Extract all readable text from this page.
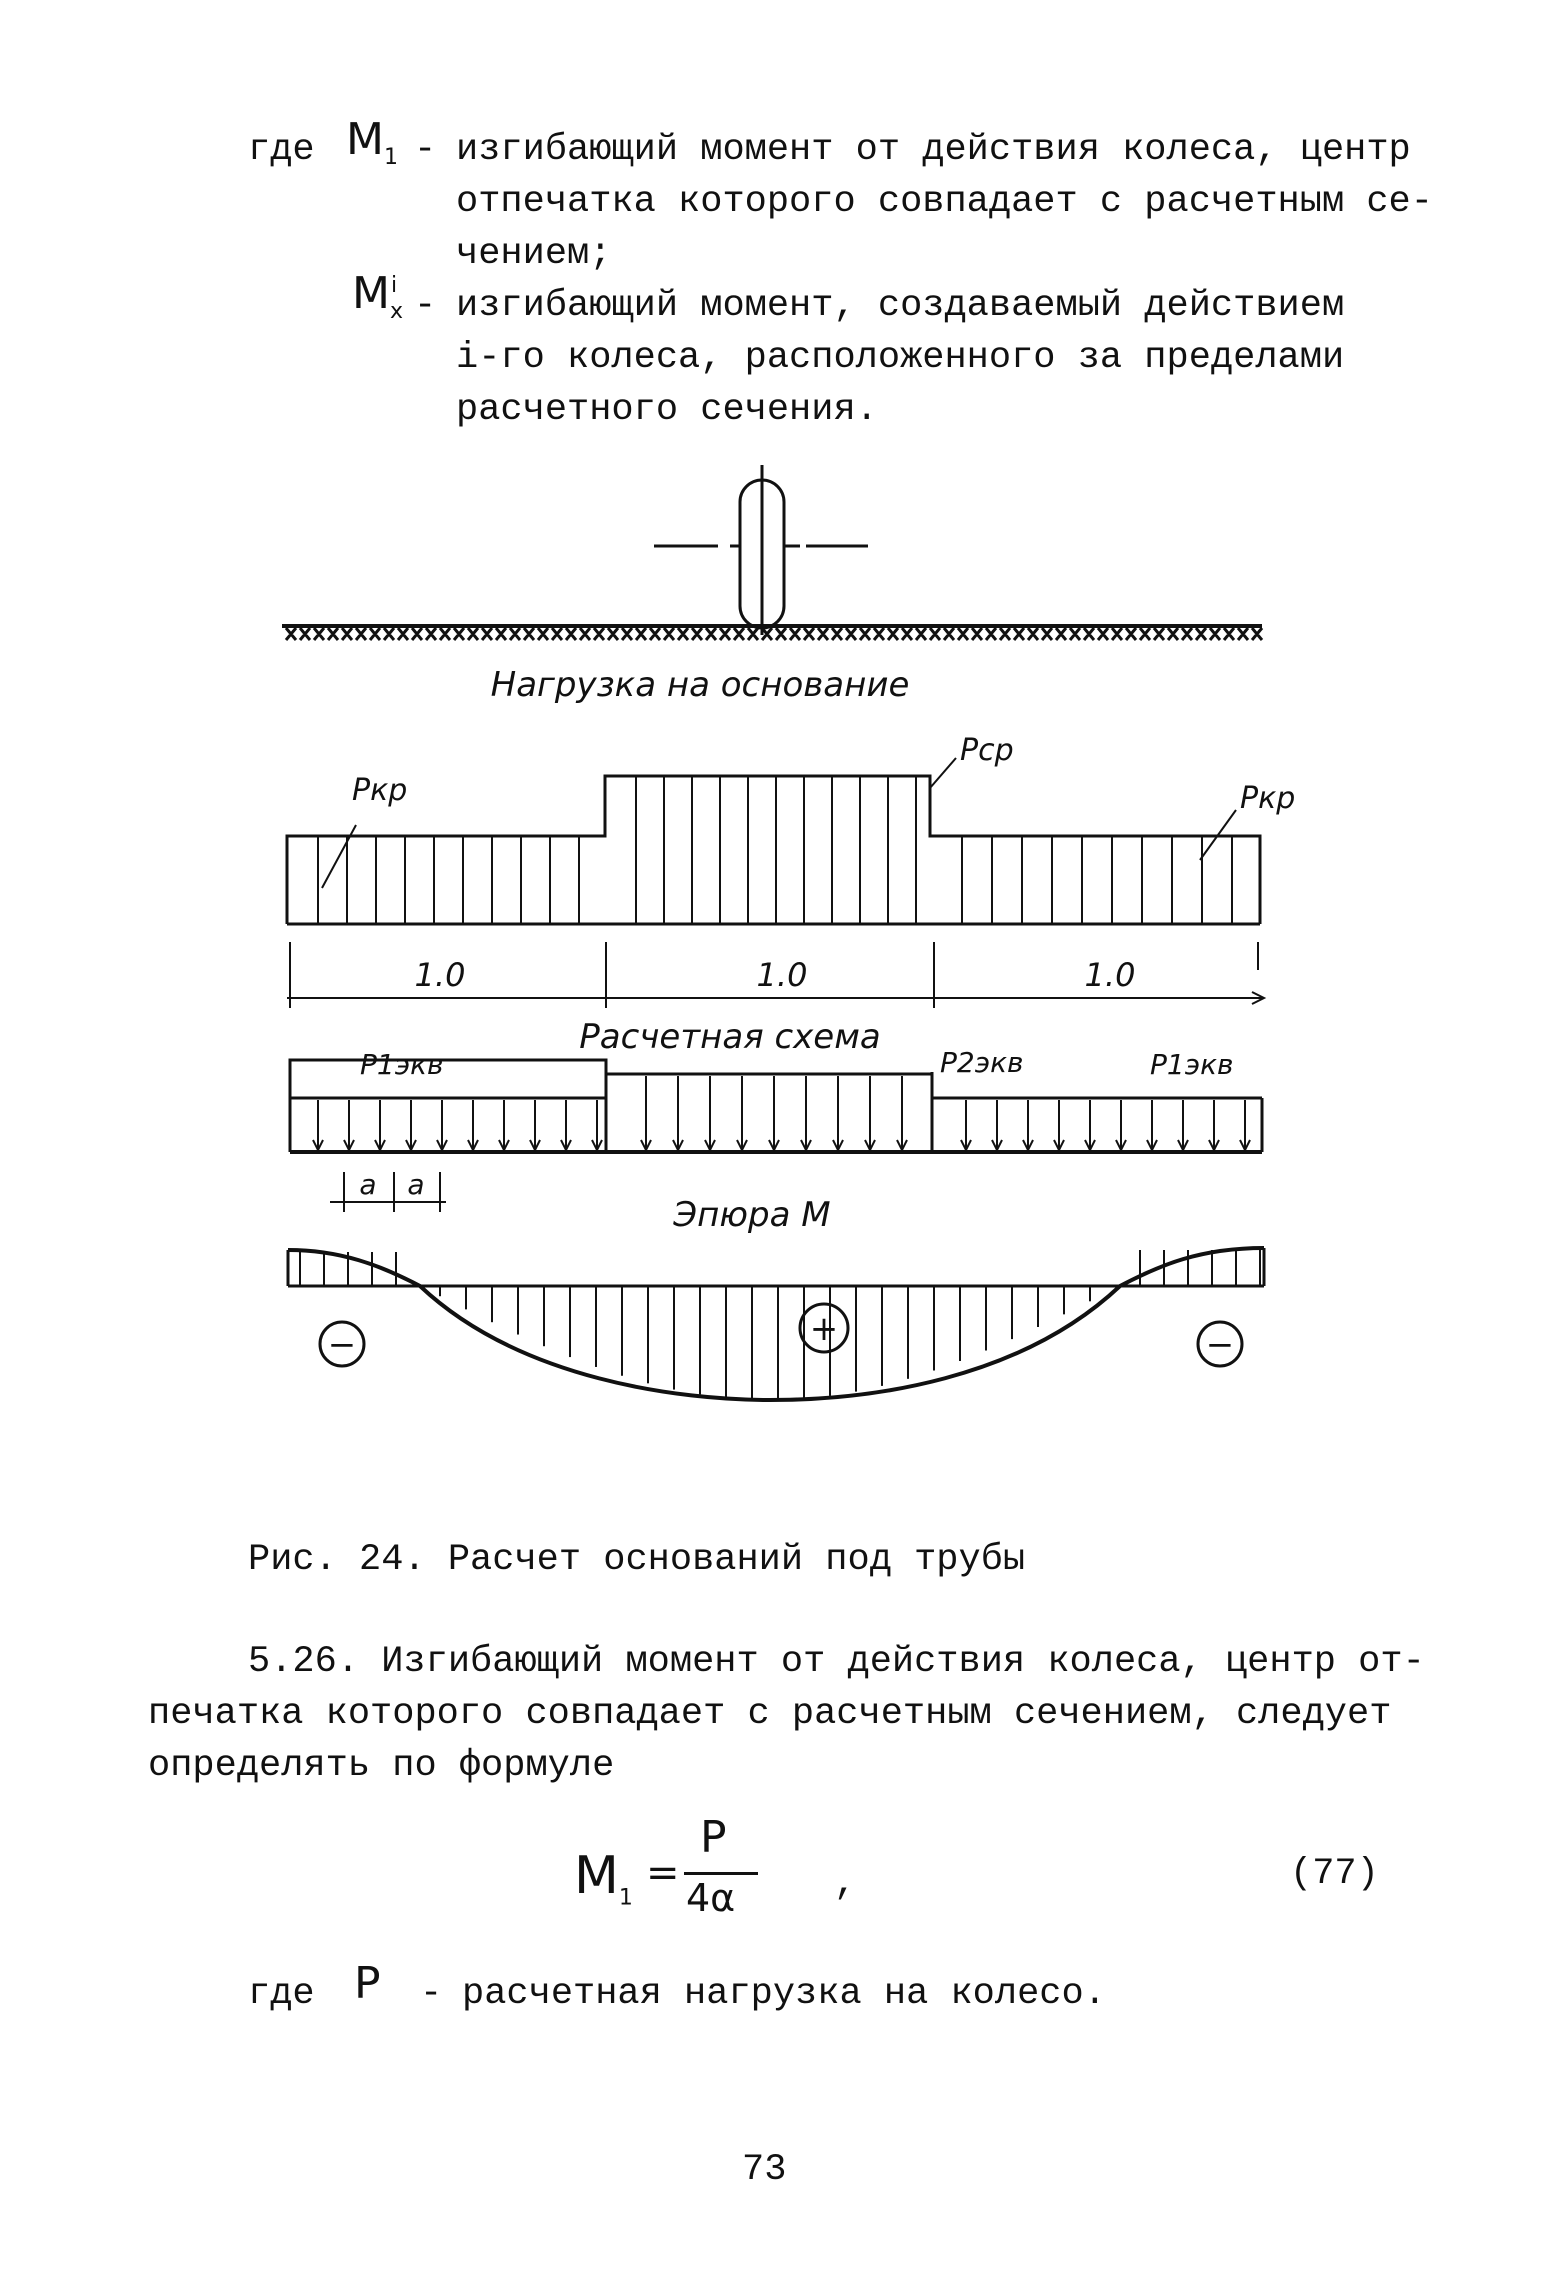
где $M_1$ - изгибающий момент от действия колеса, центр
отпечатка которого совпадает с расчетным се-
чением;
$M_x^i$ - изгибающий момент, создаваемый действием
i-го колеса, расположенного за пределами
расчетного сечения.
Нагрузка на основание
Pкр
Pср
Pкр
1.0	1.0	1.0
Расчетная схема
P1экв	P2экв	P1экв
a a
Эпюра M
−	+	−
Рис. 24. Расчет оснований под трубы
5.26. Изгибающий момент от действия колеса, центр от-
печатка которого совпадает с расчетным сечением, следует
определять по формуле
$M_1$
=
P
4α	,	(77)
где P - расчетная нагрузка на колесо.
73
